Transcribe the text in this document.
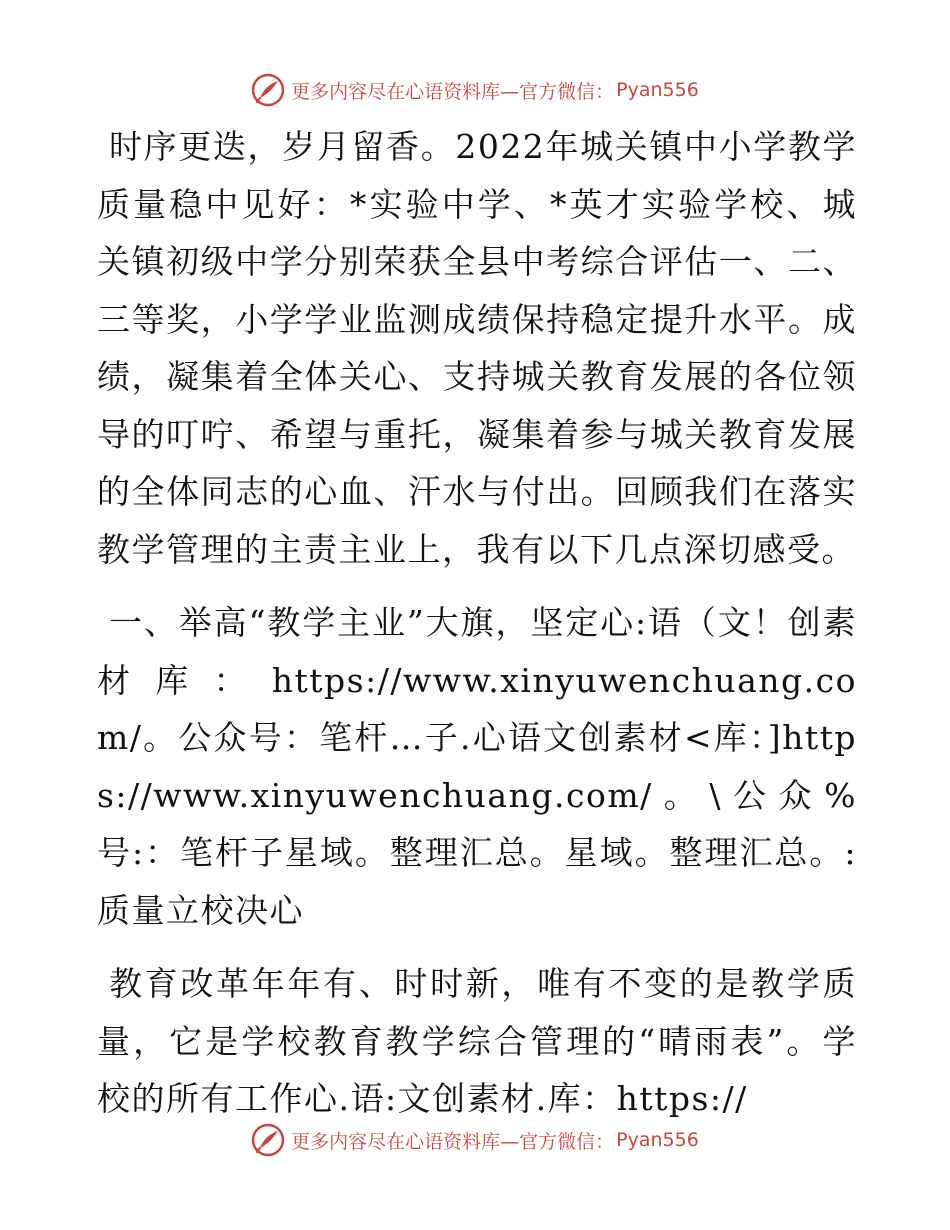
更多内容尽在心语资料库—官方微信： Pyan556

时序更迭，岁月留香。2022年城关镇中小学教学质量稳中见好：*实验中学、*英才实验学校、城关镇初级中学分别荣获全县中考综合评估一、二、三等奖，小学学业监测成绩保持稳定提升水平。成绩，凝集着全体关心、支持城关教育发展的各位领导的叮咛、希望与重托，凝集着参与城关教育发展的全体同志的心血、汗水与付出。回顾我们在落实教学管理的主责主业上，我有以下几点深切感受。

一、举高“教学主业”大旗，坚定心:语（文！创素材库：https://www.xinyuwenchuang.com/。公众号：笔杆…子.心语文创素材<库：]https://www.xinyuwenchuang.com/。\公众%号:：笔杆子星域。整理汇总。星域。整理汇总。:质量立校决心

教育改革年年有、时时新，唯有不变的是教学质量，它是学校教育教学综合管理的“晴雨表”。学校的所有工作心.语:文创素材.库：https://

更多内容尽在心语资料库—官方微信： Pyan556
